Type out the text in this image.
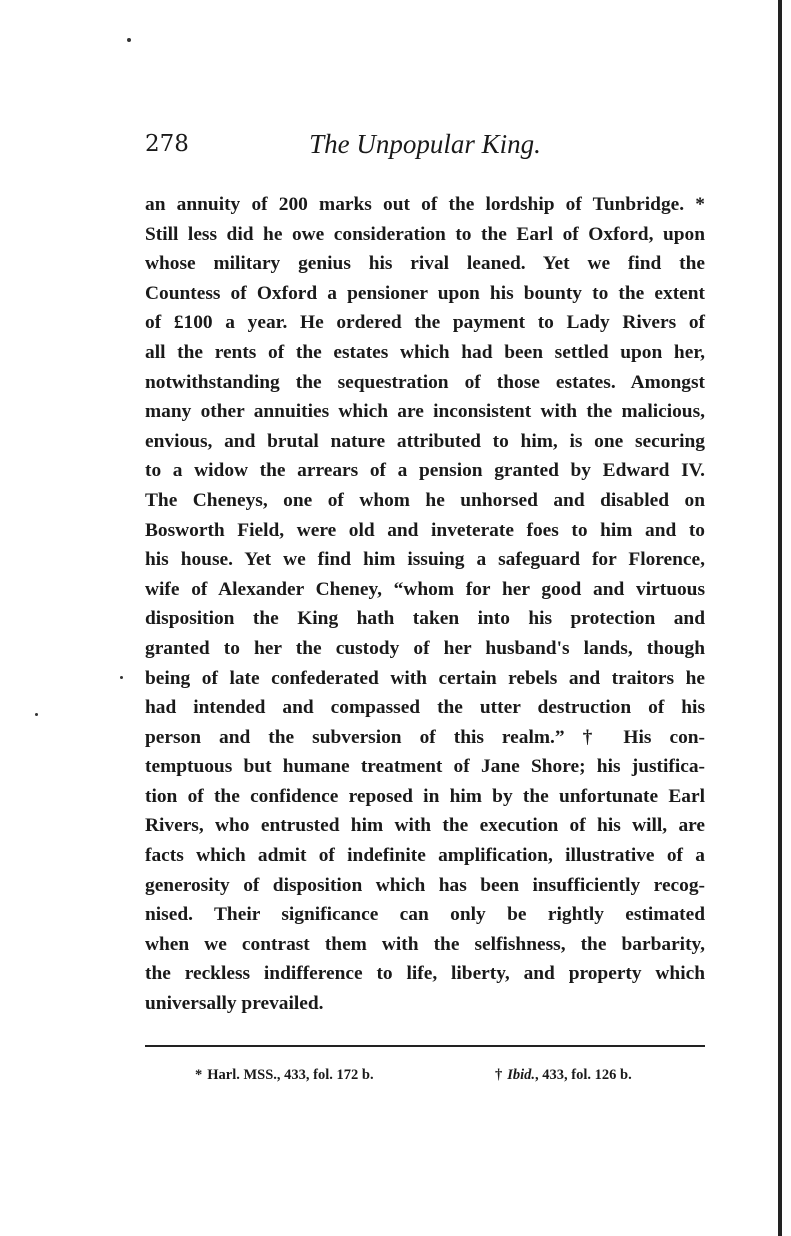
278	The Unpopular King.
an annuity of 200 marks out of the lordship of Tunbridge. *
Still less did he owe consideration to the Earl of Oxford, upon
whose military genius his rival leaned. Yet we find the
Countess of Oxford a pensioner upon his bounty to the extent
of £100 a year. He ordered the payment to Lady Rivers of
all the rents of the estates which had been settled upon her,
notwithstanding the sequestration of those estates. Amongst
many other annuities which are inconsistent with the malicious,
envious, and brutal nature attributed to him, is one securing
to a widow the arrears of a pension granted by Edward IV.
The Cheneys, one of whom he unhorsed and disabled on
Bosworth Field, were old and inveterate foes to him and to
his house. Yet we find him issuing a safeguard for Florence,
wife of Alexander Cheney, “whom for her good and virtuous
disposition the King hath taken into his protection and
granted to her the custody of her husband's lands, though
being of late confederated with certain rebels and traitors he
had intended and compassed the utter destruction of his
person and the subversion of this realm.” † His con-
temptuous but humane treatment of Jane Shore; his justifica-
tion of the confidence reposed in him by the unfortunate Earl
Rivers, who entrusted him with the execution of his will, are
facts which admit of indefinite amplification, illustrative of a
generosity of disposition which has been insufficiently recog-
nised. Their significance can only be rightly estimated
when we contrast them with the selfishness, the barbarity,
the reckless indifference to life, liberty, and property which
universally prevailed.
* Harl. MSS., 433, fol. 172 b.	† Ibid., 433, fol. 126 b.
